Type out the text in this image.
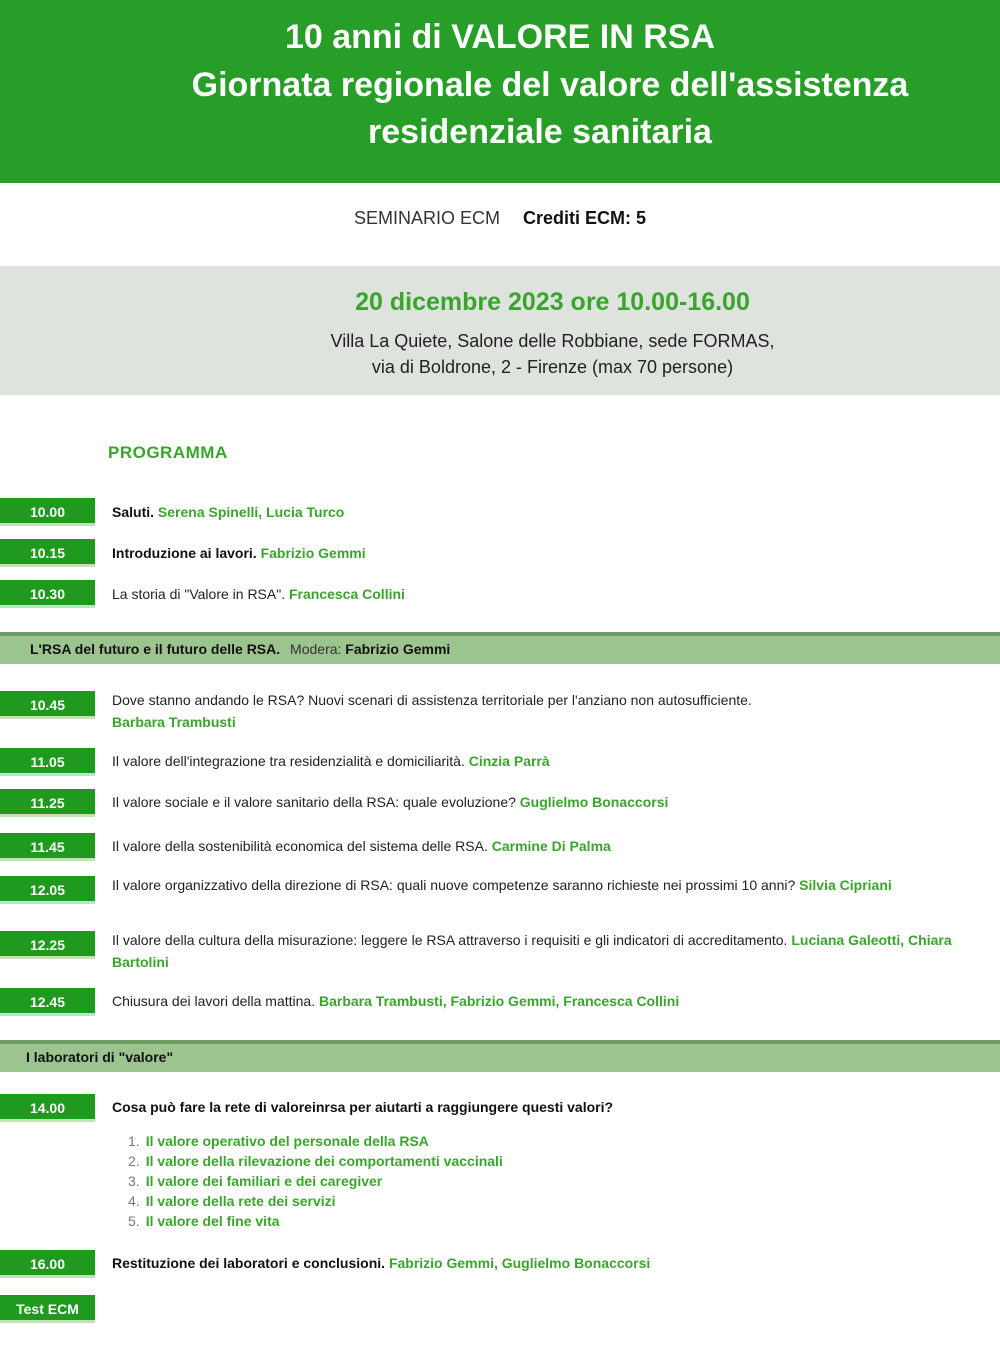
10 anni di VALORE IN RSA
Giornata regionale del valore dell'assistenza
residenziale sanitaria
SEMINARIO ECM Crediti ECM: 5
20 dicembre 2023 ore 10.00-16.00
Villa La Quiete, Salone delle Robbiane, sede FORMAS,
via di Boldrone, 2 - Firenze (max 70 persone)
PROGRAMMA
10.00	Saluti. Serena Spinelli, Lucia Turco
10.15	Introduzione ai lavori. Fabrizio Gemmi
10.30	La storia di "Valore in RSA". Francesca Collini
L'RSA del futuro e il futuro delle RSA. Modera: Fabrizio Gemmi
10.45	Dove stanno andando le RSA? Nuovi scenari di assistenza territoriale per l'anziano non autosufficiente.
Barbara Trambusti
11.05	Il valore dell'integrazione tra residenzialità e domiciliarità. Cinzia Parrà
11.25	Il valore sociale e il valore sanitario della RSA: quale evoluzione? Guglielmo Bonaccorsi
11.45	Il valore della sostenibilità economica del sistema delle RSA. Carmine Di Palma
12.05	Il valore organizzativo della direzione di RSA: quali nuove competenze saranno richieste nei prossimi 10 anni? Silvia Cipriani
12.25	Il valore della cultura della misurazione: leggere le RSA attraverso i requisiti e gli indicatori di accreditamento. Luciana Galeotti, Chiara Bartolini
12.45	Chiusura dei lavori della mattina. Barbara Trambusti, Fabrizio Gemmi, Francesca Collini
I laboratori di "valore"
14.00	Cosa può fare la rete di valoreinrsa per aiutarti a raggiungere questi valori?
1. Il valore operativo del personale della RSA
2. Il valore della rilevazione dei comportamenti vaccinali
3. Il valore dei familiari e dei caregiver
4. Il valore della rete dei servizi
5. Il valore del fine vita
16.00	Restituzione dei laboratori e conclusioni. Fabrizio Gemmi, Guglielmo Bonaccorsi
Test ECM
